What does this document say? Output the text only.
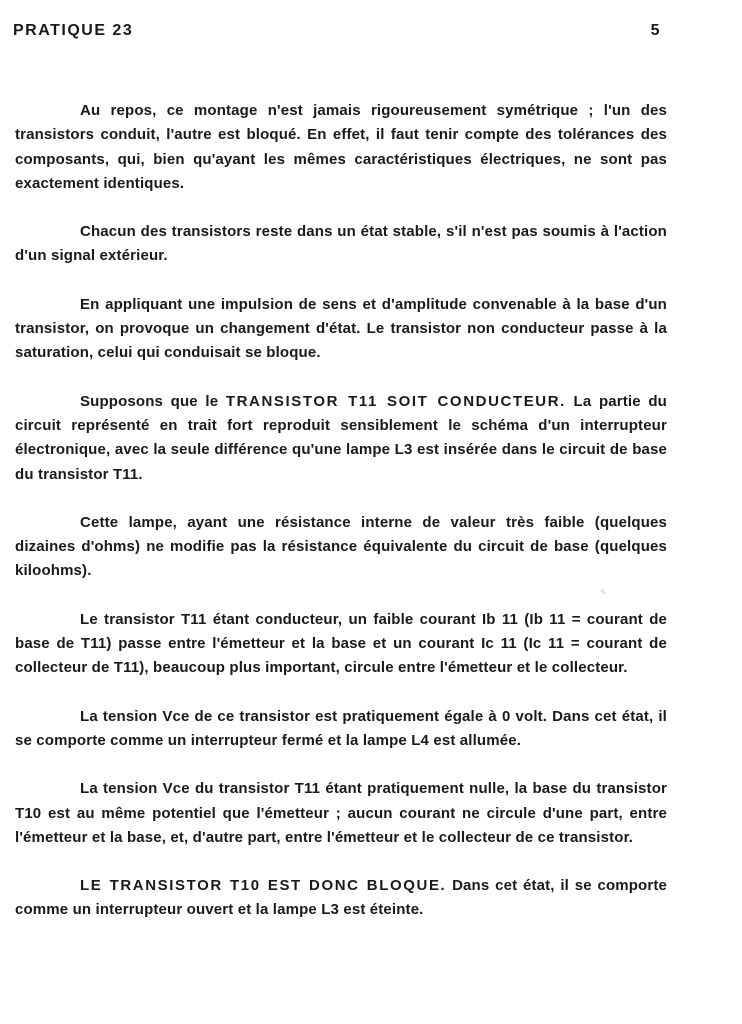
PRATIQUE 23	5

Au repos, ce montage n'est jamais rigoureusement symétrique ; l'un des transistors conduit, l'autre est bloqué. En effet, il faut tenir compte des tolérances des composants, qui, bien qu'ayant les mêmes caractéristiques électriques, ne sont pas exactement identiques.

Chacun des transistors reste dans un état stable, s'il n'est pas soumis à l'action d'un signal extérieur.

En appliquant une impulsion de sens et d'amplitude convenable à la base d'un transistor, on provoque un changement d'état. Le transistor non conducteur passe à la saturation, celui qui conduisait se bloque.

Supposons que le TRANSISTOR T11 SOIT CONDUCTEUR. La partie du circuit représenté en trait fort reproduit sensiblement le schéma d'un interrupteur électronique, avec la seule différence qu'une lampe L3 est insérée dans le circuit de base du transistor T11.

Cette lampe, ayant une résistance interne de valeur très faible (quelques dizaines d'ohms) ne modifie pas la résistance équivalente du circuit de base (quelques kiloohms).

Le transistor T11 étant conducteur, un faible courant Ib 11 (Ib 11 = courant de base de T11) passe entre l'émetteur et la base et un courant Ic 11 (Ic 11 = courant de collecteur de T11), beaucoup plus important, circule entre l'émetteur et le collecteur.

La tension Vce de ce transistor est pratiquement égale à 0 volt. Dans cet état, il se comporte comme un interrupteur fermé et la lampe L4 est allumée.

La tension Vce du transistor T11 étant pratiquement nulle, la base du transistor T10 est au même potentiel que l'émetteur ; aucun courant ne circule d'une part, entre l'émetteur et la base, et, d'autre part, entre l'émetteur et le collecteur de ce transistor.

LE TRANSISTOR T10 EST DONC BLOQUE. Dans cet état, il se comporte comme un interrupteur ouvert et la lampe L3 est éteinte.

✎
